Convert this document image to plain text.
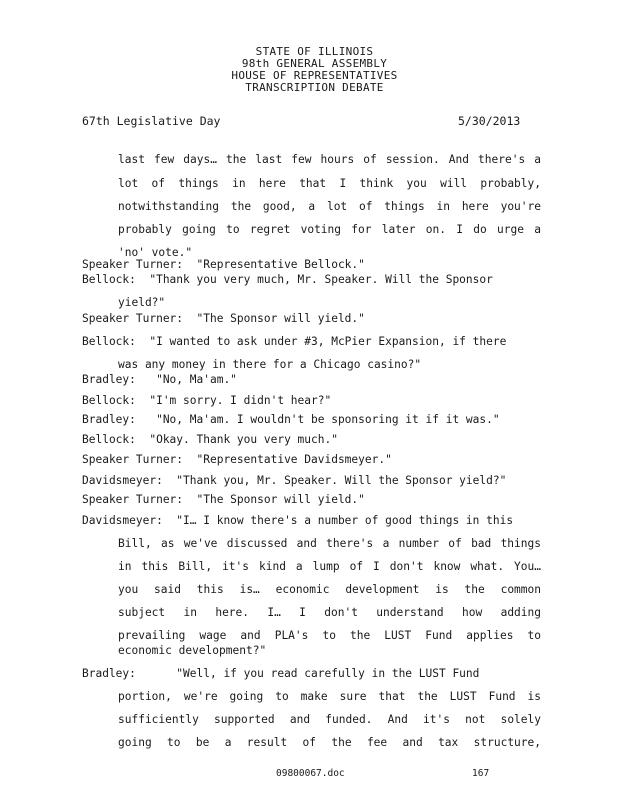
STATE OF ILLINOIS
98th GENERAL ASSEMBLY
HOUSE OF REPRESENTATIVES
TRANSCRIPTION DEBATE
67th Legislative Day	5/30/2013
last few days… the last few hours of session. And there's a
lot of things in here that I think you will probably,
notwithstanding the good, a lot of things in here you're
probably going to regret voting for later on. I do urge a
'no' vote."
Speaker Turner:  "Representative Bellock."
Bellock:  "Thank you very much, Mr. Speaker. Will the Sponsor
yield?"
Speaker Turner:  "The Sponsor will yield."
Bellock:  "I wanted to ask under #3, McPier Expansion, if there
was any money in there for a Chicago casino?"
Bradley:   "No, Ma'am."
Bellock:  "I'm sorry. I didn't hear?"
Bradley:   "No, Ma'am. I wouldn't be sponsoring it if it was."
Bellock:  "Okay. Thank you very much."
Speaker Turner:  "Representative Davidsmeyer."
Davidsmeyer:  "Thank you, Mr. Speaker. Will the Sponsor yield?"
Speaker Turner:  "The Sponsor will yield."
Davidsmeyer:  "I… I know there's a number of good things in this
Bill, as we've discussed and there's a number of bad things
in this Bill, it's kind a lump of I don't know what. You…
you said this is… economic development is the common
subject in here. I… I don't understand how adding
prevailing wage and PLA's to the LUST Fund applies to
economic development?"
Bradley:      "Well, if you read carefully in the LUST Fund
portion, we're going to make sure that the LUST Fund is
sufficiently supported and funded. And it's not solely
going to be a result of the fee and tax structure,
09800067.doc	167
